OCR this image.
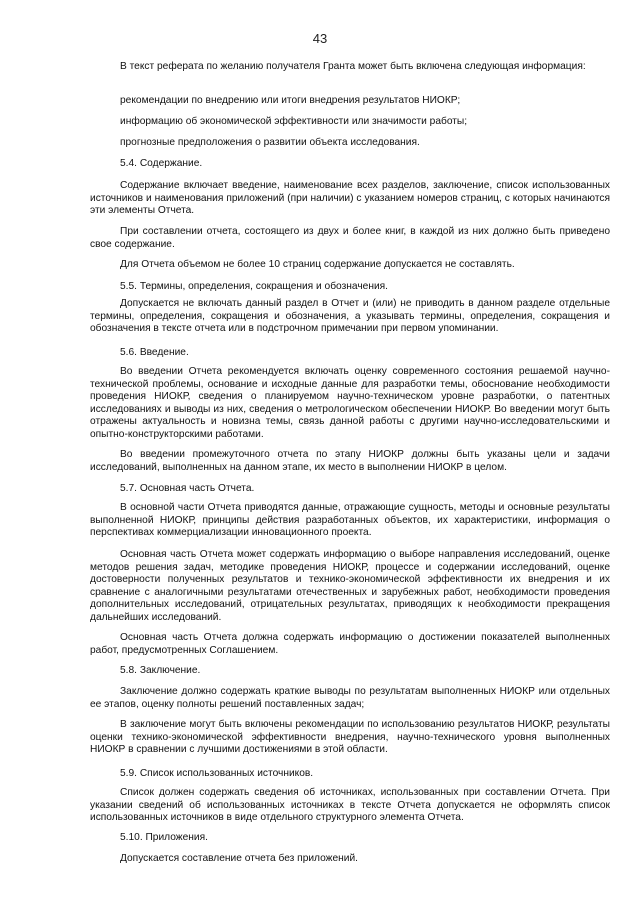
43

В текст реферата по желанию получателя Гранта может быть включена следующая информация:

рекомендации по внедрению или итоги внедрения результатов НИОКР;
информацию об экономической эффективности или значимости работы;
прогнозные предположения о развитии объекта исследования.
5.4. Содержание.

Содержание включает введение, наименование всех разделов, заключение, список использованных источников и наименования приложений (при наличии) с указанием номеров страниц, с которых начинаются эти элементы Отчета.

При составлении отчета, состоящего из двух и более книг, в каждой из них должно быть приведено свое содержание.

Для Отчета объемом не более 10 страниц содержание допускается не составлять.
5.5. Термины, определения, сокращения и обозначения.

Допускается не включать данный раздел в Отчет и (или) не приводить в данном разделе отдельные термины, определения, сокращения и обозначения, а указывать термины, определения, сокращения и обозначения в тексте отчета или в подстрочном примечании при первом упоминании.

5.6. Введение.

Во введении Отчета рекомендуется включать оценку современного состояния решаемой научно-технической проблемы, основание и исходные данные для разработки темы, обоснование необходимости проведения НИОКР, сведения о планируемом научно-техническом уровне разработки, о патентных исследованиях и выводы из них, сведения о метрологическом обеспечении НИОКР. Во введении могут быть отражены актуальность и новизна темы, связь данной работы с другими научно-исследовательскими и опытно-конструкторскими работами.

Во введении промежуточного отчета по этапу НИОКР должны быть указаны цели и задачи исследований, выполненных на данном этапе, их место в выполнении НИОКР в целом.

5.7. Основная часть Отчета.

В основной части Отчета приводятся данные, отражающие сущность, методы и основные результаты выполненной НИОКР, принципы действия разработанных объектов, их характеристики, информация о перспективах коммерциализации инновационного проекта.

Основная часть Отчета может содержать информацию о выборе направления исследований, оценке методов решения задач, методике проведения НИОКР, процессе и содержании исследований, оценке достоверности полученных результатов и технико-экономической эффективности их внедрения и их сравнение с аналогичными результатами отечественных и зарубежных работ, необходимости проведения дополнительных исследований, отрицательных результатах, приводящих к необходимости прекращения дальнейших исследований.

Основная часть Отчета должна содержать информацию о достижении показателей выполненных работ, предусмотренных Соглашением.

5.8. Заключение.

Заключение должно содержать краткие выводы по результатам выполненных НИОКР или отдельных ее этапов, оценку полноты решений поставленных задач;

В заключение могут быть включены рекомендации по использованию результатов НИОКР, результаты оценки технико-экономической эффективности внедрения, научно-технического уровня выполненных НИОКР в сравнении с лучшими достижениями в этой области.

5.9. Список использованных источников.

Список должен содержать сведения об источниках, использованных при составлении Отчета. При указании сведений об использованных источниках в тексте Отчета допускается не оформлять список использованных источников в виде отдельного структурного элемента Отчета.

5.10. Приложения.
Допускается составление отчета без приложений.
